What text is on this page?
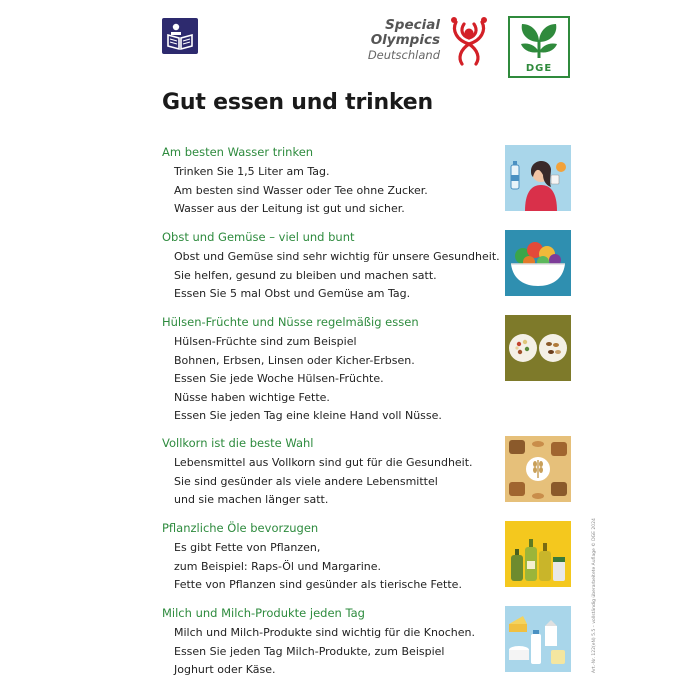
Special
Olympics
Deutschland
DGE
Gut essen und trinken
Am besten Wasser trinken
Trinken Sie 1,5 Liter am Tag.
Am besten sind Wasser oder Tee ohne Zucker.
Wasser aus der Leitung ist gut und sicher.
Obst und Gemüse – viel und bunt
Obst und Gemüse sind sehr wichtig für unsere Gesundheit.
Sie helfen, gesund zu bleiben und machen satt.
Essen Sie 5 mal Obst und Gemüse am Tag.
Hülsen-Früchte und Nüsse regelmäßig essen
Hülsen-Früchte sind zum Beispiel
Bohnen, Erbsen, Linsen oder Kicher-Erbsen.
Essen Sie jede Woche Hülsen-Früchte.
Nüsse haben wichtige Fette.
Essen Sie jeden Tag eine kleine Hand voll Nüsse.
Vollkorn ist die beste Wahl
Lebensmittel aus Vollkorn sind gut für die Gesundheit.
Sie sind gesünder als viele andere Lebensmittel
und sie machen länger satt.
Pflanzliche Öle bevorzugen
Es gibt Fette von Pflanzen,
zum Beispiel: Raps-Öl und Margarine.
Fette von Pflanzen sind gesünder als tierische Fette.
Milch und Milch-Produkte jeden Tag
Milch und Milch-Produkte sind wichtig für die Knochen.
Essen Sie jeden Tag Milch-Produkte, zum Beispiel
Joghurt oder Käse.	Art.-Nr. 122(eN) 5.5 – vollständig überarbeitete Auflage © DGE 2024
